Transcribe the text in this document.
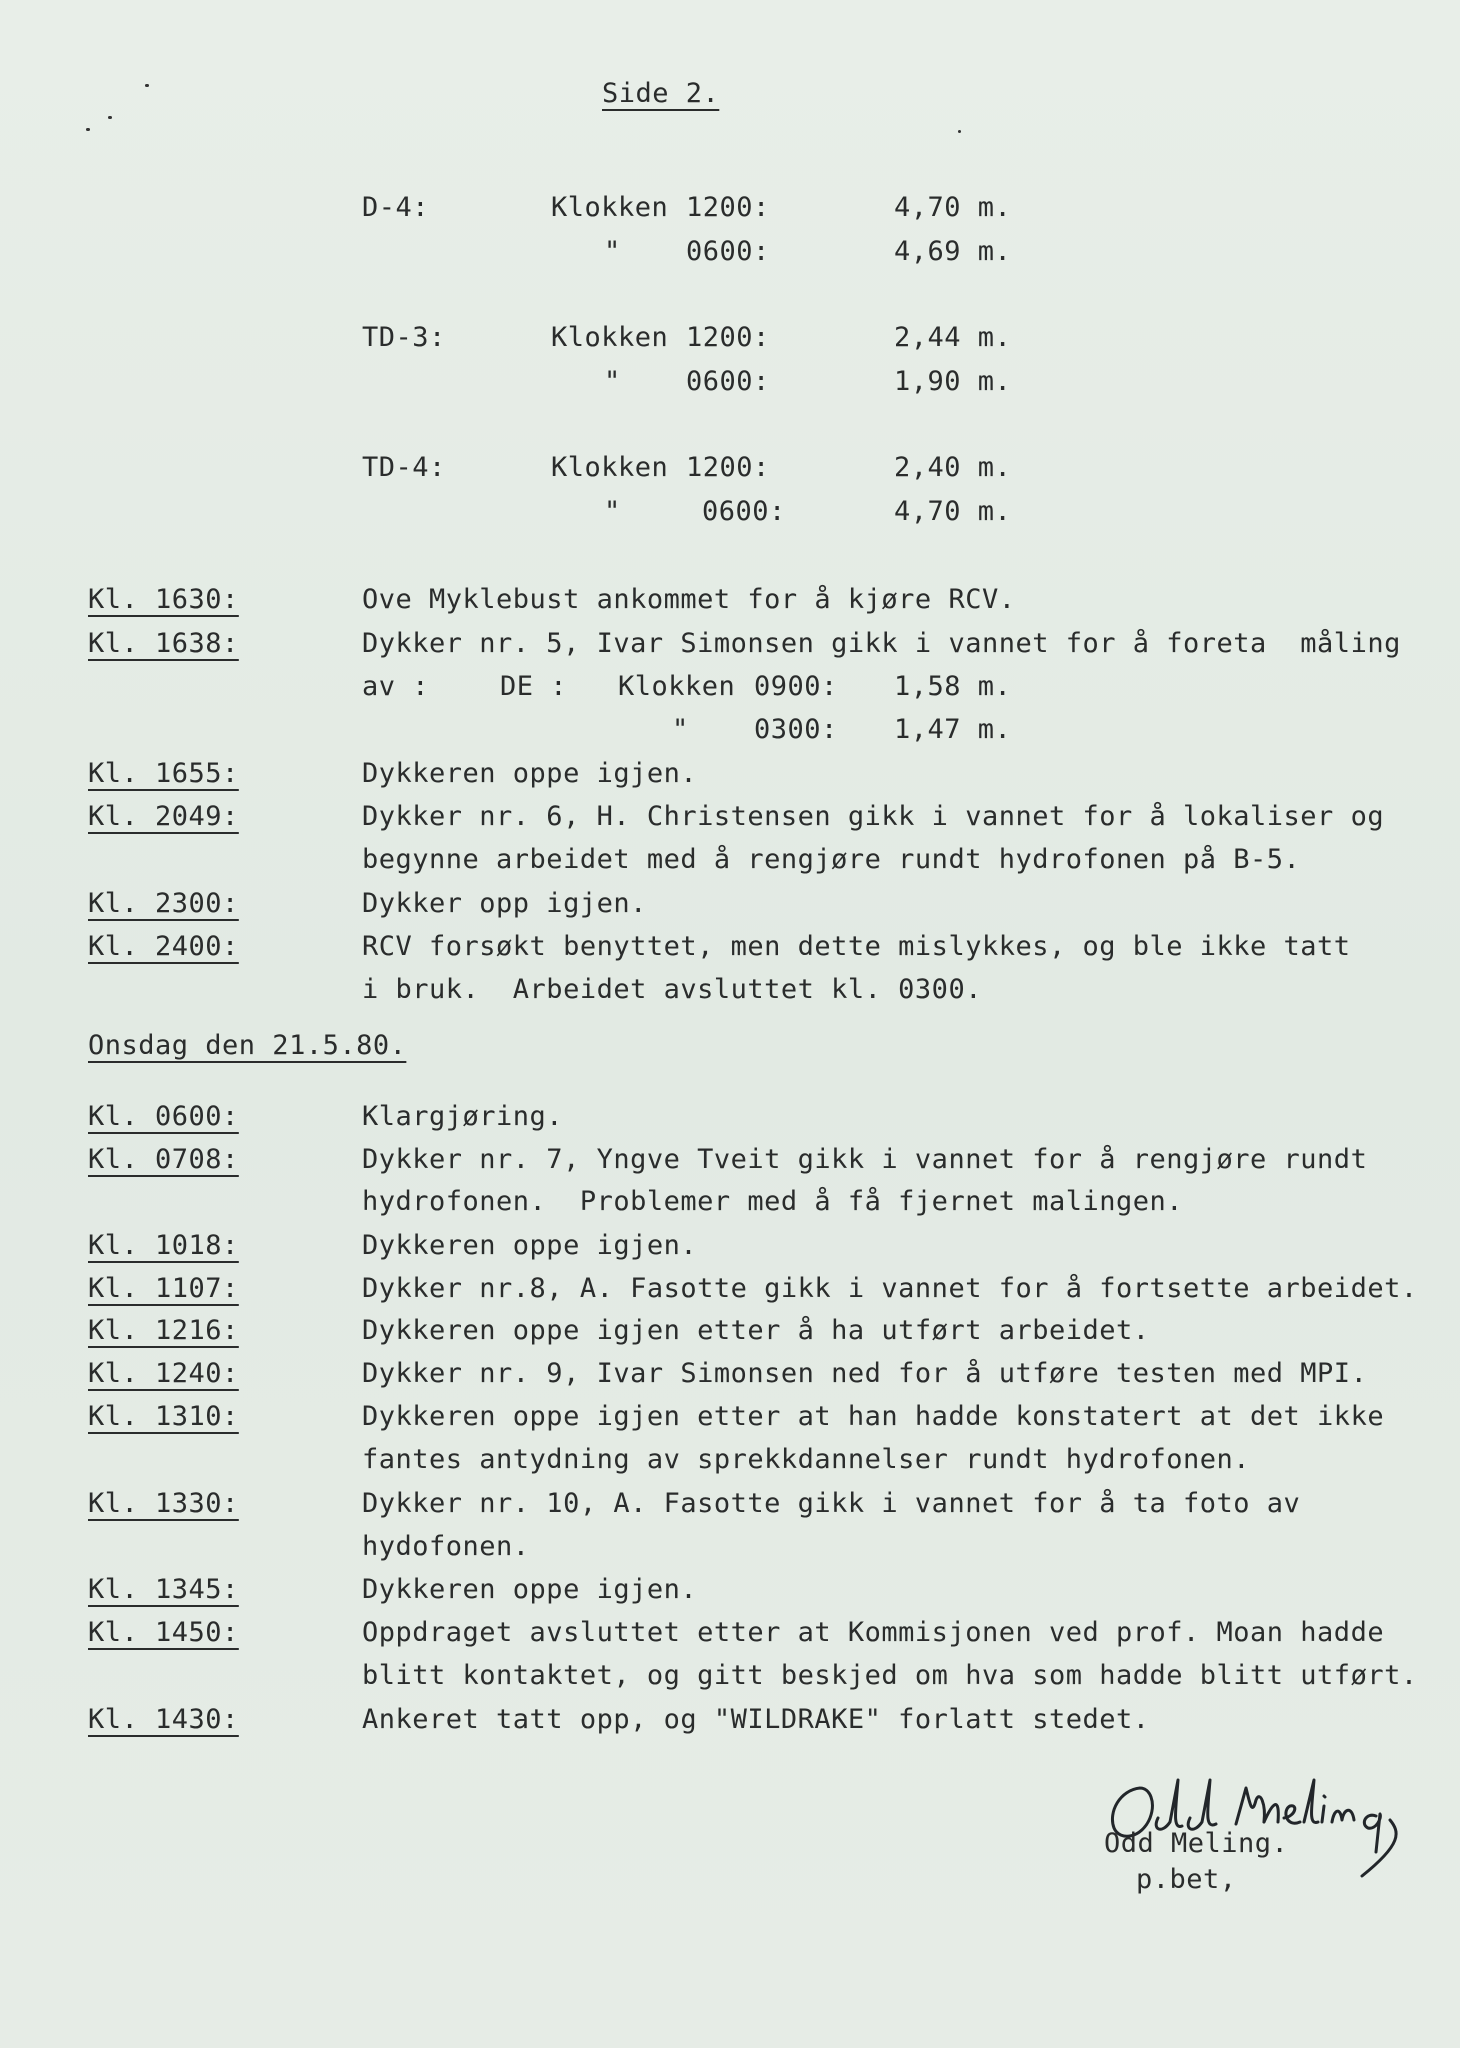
Side 2.
D-4:	Klokken 1200:	4,70 m.
" 0600:	4,69 m.
TD-3:	Klokken 1200:	2,44 m.
" 0600:	1,90 m.
TD-4:	Klokken 1200:	2,40 m.
"	0600:	4,70 m.
Kl. 1630:	Ove Myklebust ankommet for å kjøre RCV.
Kl. 1638:	Dykker nr. 5, Ivar Simonsen gikk i vannet for å foreta  måling
av :	DE : Klokken 0900: 1,58 m.
" 0300: 1,47 m.
Kl. 1655:	Dykkeren oppe igjen.
Kl. 2049:	Dykker nr. 6, H. Christensen gikk i vannet for å lokaliser og
begynne arbeidet med å rengjøre rundt hydrofonen på B-5.
Kl. 2300:	Dykker opp igjen.
Kl. 2400:	RCV forsøkt benyttet, men dette mislykkes, og ble ikke tatt
i bruk.  Arbeidet avsluttet kl. 0300.
Onsdag den 21.5.80.
Kl. 0600:	Klargjøring.
Kl. 0708:	Dykker nr. 7, Yngve Tveit gikk i vannet for å rengjøre rundt
hydrofonen.  Problemer med å få fjernet malingen.
Kl. 1018:	Dykkeren oppe igjen.
Kl. 1107:	Dykker nr.8, A. Fasotte gikk i vannet for å fortsette arbeidet.
Kl. 1216:	Dykkeren oppe igjen etter å ha utført arbeidet.
Kl. 1240:	Dykker nr. 9, Ivar Simonsen ned for å utføre testen med MPI.
Kl. 1310:	Dykkeren oppe igjen etter at han hadde konstatert at det ikke
fantes antydning av sprekkdannelser rundt hydrofonen.
Kl. 1330:	Dykker nr. 10, A. Fasotte gikk i vannet for å ta foto av
hydofonen.
Kl. 1345:	Dykkeren oppe igjen.
Kl. 1450:	Oppdraget avsluttet etter at Kommisjonen ved prof. Moan hadde
blitt kontaktet, og gitt beskjed om hva som hadde blitt utført.
Kl. 1430:	Ankeret tatt opp, og "WILDRAKE" forlatt stedet.
Odd Meling.
p.bet,
